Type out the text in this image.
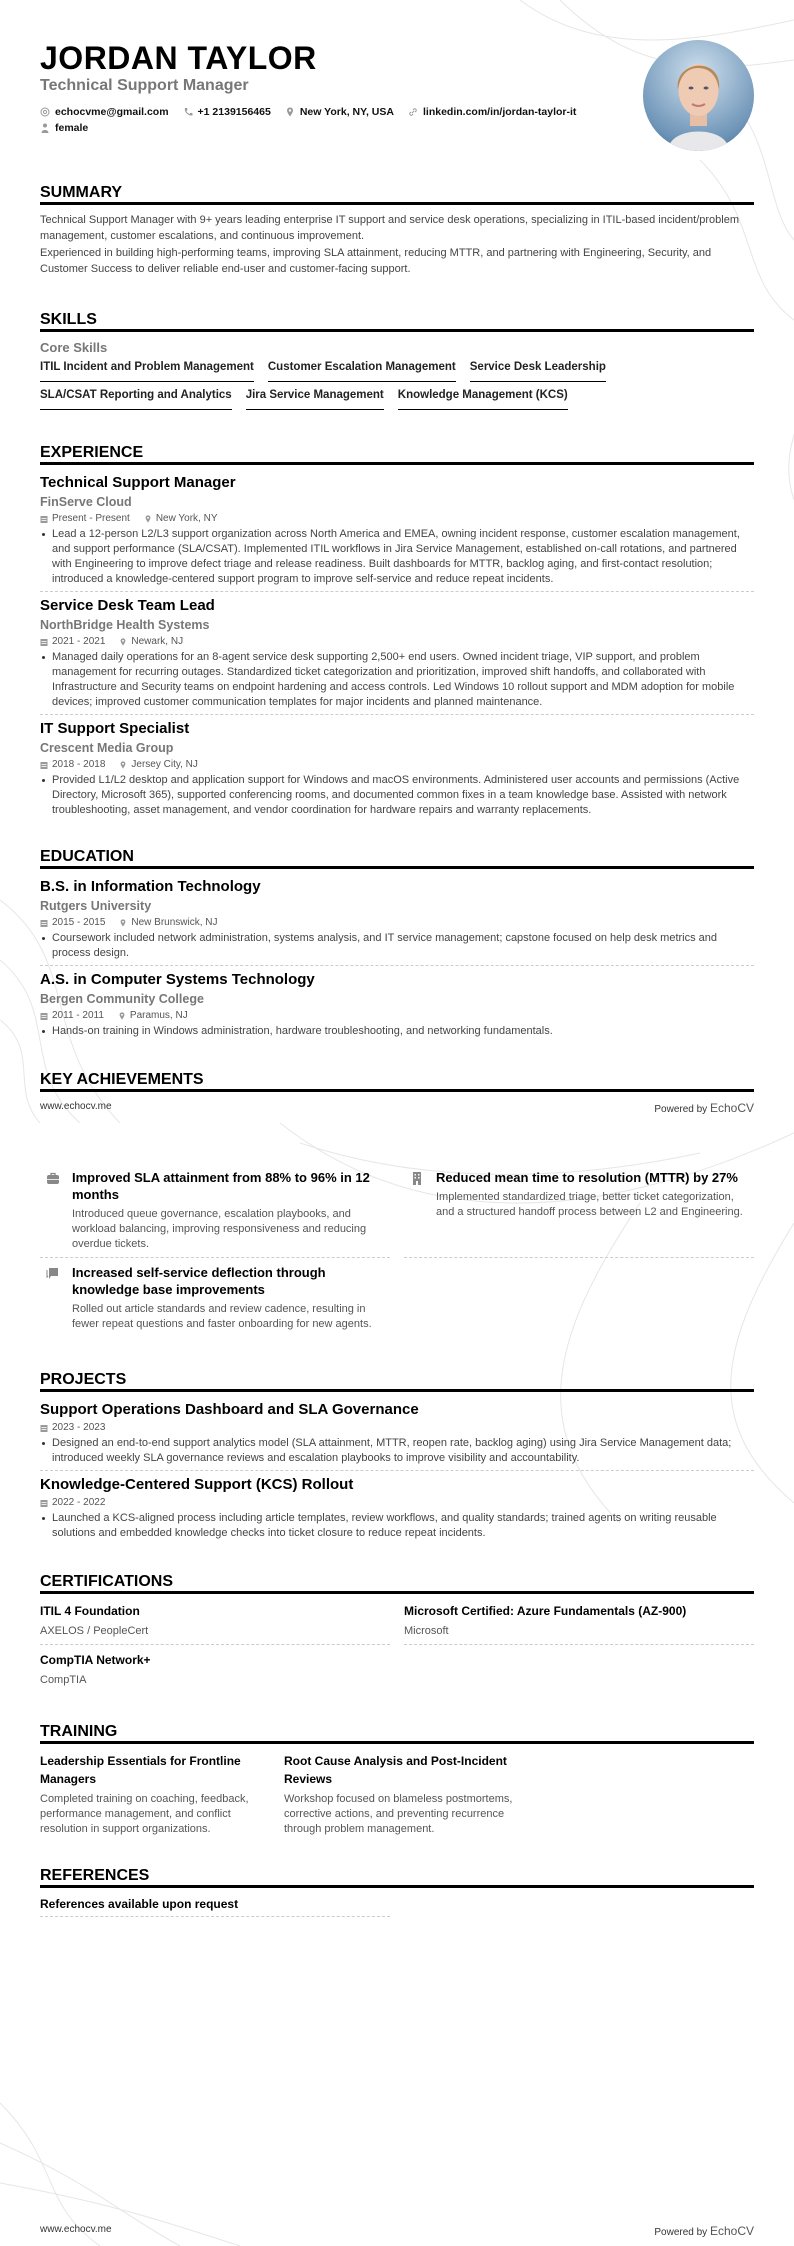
JORDAN TAYLOR
Technical Support Manager
echocvme@gmail.com	+1 2139156465	New York, NY, USA	linkedin.com/in/jordan-taylor-it
female
SUMMARY

Technical Support Manager with 9+ years leading enterprise IT support and service desk operations, specializing in ITIL-based incident/problem management, customer escalations, and continuous improvement.

Experienced in building high-performing teams, improving SLA attainment, reducing MTTR, and partnering with Engineering, Security, and Customer Success to deliver reliable end-user and customer-facing support.

SKILLS
Core Skills
ITIL Incident and Problem Management Customer Escalation Management Service Desk Leadership
SLA/CSAT Reporting and Analytics Jira Service Management Knowledge Management (KCS)
EXPERIENCE
Technical Support Manager
FinServe Cloud
Present - Present	New York, NY
Lead a 12-person L2/L3 support organization across North America and EMEA, owning incident response, customer escalation management, and support performance (SLA/CSAT). Implemented ITIL workflows in Jira Service Management, established on-call rotations, and partnered with Engineering to improve defect triage and release readiness. Built dashboards for MTTR, backlog aging, and first-contact resolution; introduced a knowledge-centered support program to improve self-service and reduce repeat incidents.
Service Desk Team Lead
NorthBridge Health Systems
2021 - 2021	Newark, NJ
Managed daily operations for an 8-agent service desk supporting 2,500+ end users. Owned incident triage, VIP support, and problem management for recurring outages. Standardized ticket categorization and prioritization, improved shift handoffs, and collaborated with Infrastructure and Security teams on endpoint hardening and access controls. Led Windows 10 rollout support and MDM adoption for mobile devices; improved customer communication templates for major incidents and planned maintenance.
IT Support Specialist
Crescent Media Group
2018 - 2018	Jersey City, NJ
Provided L1/L2 desktop and application support for Windows and macOS environments. Administered user accounts and permissions (Active Directory, Microsoft 365), supported conferencing rooms, and documented common fixes in a team knowledge base. Assisted with network troubleshooting, asset management, and vendor coordination for hardware repairs and warranty replacements.
EDUCATION
B.S. in Information Technology
Rutgers University
2015 - 2015	New Brunswick, NJ
Coursework included network administration, systems analysis, and IT service management; capstone focused on help desk metrics and process design.
A.S. in Computer Systems Technology
Bergen Community College
2011 - 2011	Paramus, NJ
Hands-on training in Windows administration, hardware troubleshooting, and networking fundamentals.
KEY ACHIEVEMENTS
www.echocv.me	Powered by EchoCV
Improved SLA attainment from 88% to 96% in 12 months
Introduced queue governance, escalation playbooks, and workload balancing, improving responsiveness and reducing overdue tickets.
Reduced mean time to resolution (MTTR) by 27%
Implemented standardized triage, better ticket categorization, and a structured handoff process between L2 and Engineering.
Increased self-service deflection through knowledge base improvements
Rolled out article standards and review cadence, resulting in fewer repeat questions and faster onboarding for new agents.
PROJECTS
Support Operations Dashboard and SLA Governance
2023 - 2023
Designed an end-to-end support analytics model (SLA attainment, MTTR, reopen rate, backlog aging) using Jira Service Management data; introduced weekly SLA governance reviews and escalation playbooks to improve visibility and accountability.
Knowledge-Centered Support (KCS) Rollout
2022 - 2022
Launched a KCS-aligned process including article templates, review workflows, and quality standards; trained agents on writing reusable solutions and embedded knowledge checks into ticket closure to reduce repeat incidents.
CERTIFICATIONS
ITIL 4 Foundation
AXELOS / PeopleCert
Microsoft Certified: Azure Fundamentals (AZ-900)
Microsoft
CompTIA Network+
CompTIA
TRAINING
Leadership Essentials for Frontline Managers
Completed training on coaching, feedback, performance management, and conflict resolution in support organizations.
Root Cause Analysis and Post-Incident Reviews
Workshop focused on blameless postmortems, corrective actions, and preventing recurrence through problem management.
REFERENCES
References available upon request
www.echocv.me	Powered by EchoCV
